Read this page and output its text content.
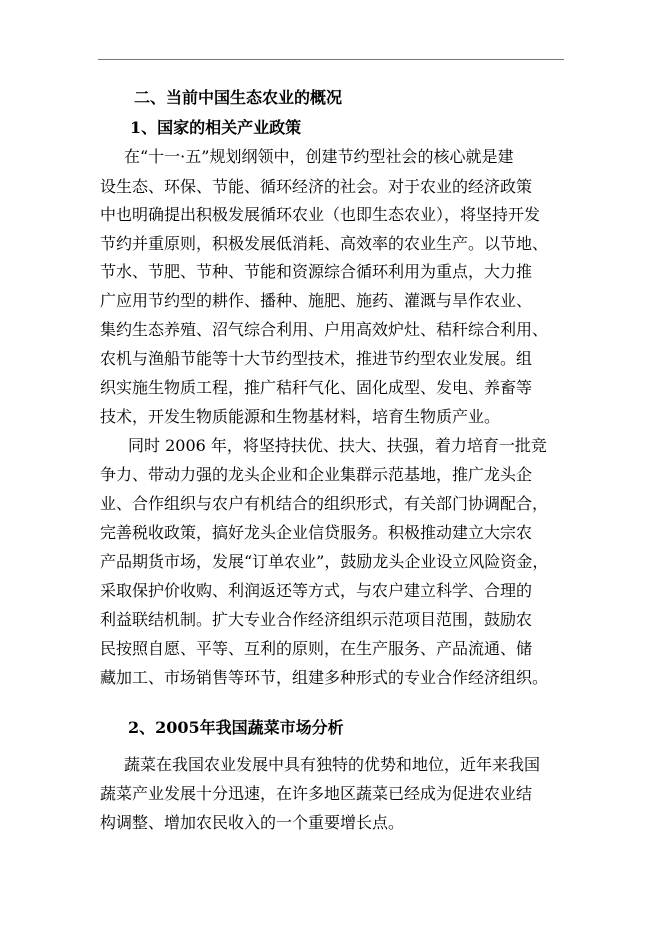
二、当前中国生态农业的概况
1、国家的相关产业政策
在“十一·五”规划纲领中，创建节约型社会的核心就是建
设生态、环保、节能、循环经济的社会。对于农业的经济政策
中也明确提出积极发展循环农业（也即生态农业），将坚持开发
节约并重原则，积极发展低消耗、高效率的农业生产。以节地、
节水、节肥、节种、节能和资源综合循环利用为重点，大力推
广应用节约型的耕作、播种、施肥、施药、灌溉与旱作农业、
集约生态养殖、沼气综合利用、户用高效炉灶、秸秆综合利用、
农机与渔船节能等十大节约型技术，推进节约型农业发展。组
织实施生物质工程，推广秸秆气化、固化成型、发电、养畜等
技术，开发生物质能源和生物基材料，培育生物质产业。
同时 2006 年，将坚持扶优、扶大、扶强，着力培育一批竞
争力、带动力强的龙头企业和企业集群示范基地，推广龙头企
业、合作组织与农户有机结合的组织形式，有关部门协调配合，
完善税收政策，搞好龙头企业信贷服务。积极推动建立大宗农
产品期货市场，发展“订单农业”，鼓励龙头企业设立风险资金，
采取保护价收购、利润返还等方式，与农户建立科学、合理的
利益联结机制。扩大专业合作经济组织示范项目范围，鼓励农
民按照自愿、平等、互利的原则，在生产服务、产品流通、储
藏加工、市场销售等环节，组建多种形式的专业合作经济组织。
2、2005年我国蔬菜市场分析
蔬菜在我国农业发展中具有独特的优势和地位，近年来我国
蔬菜产业发展十分迅速，在许多地区蔬菜已经成为促进农业结
构调整、增加农民收入的一个重要增长点。
